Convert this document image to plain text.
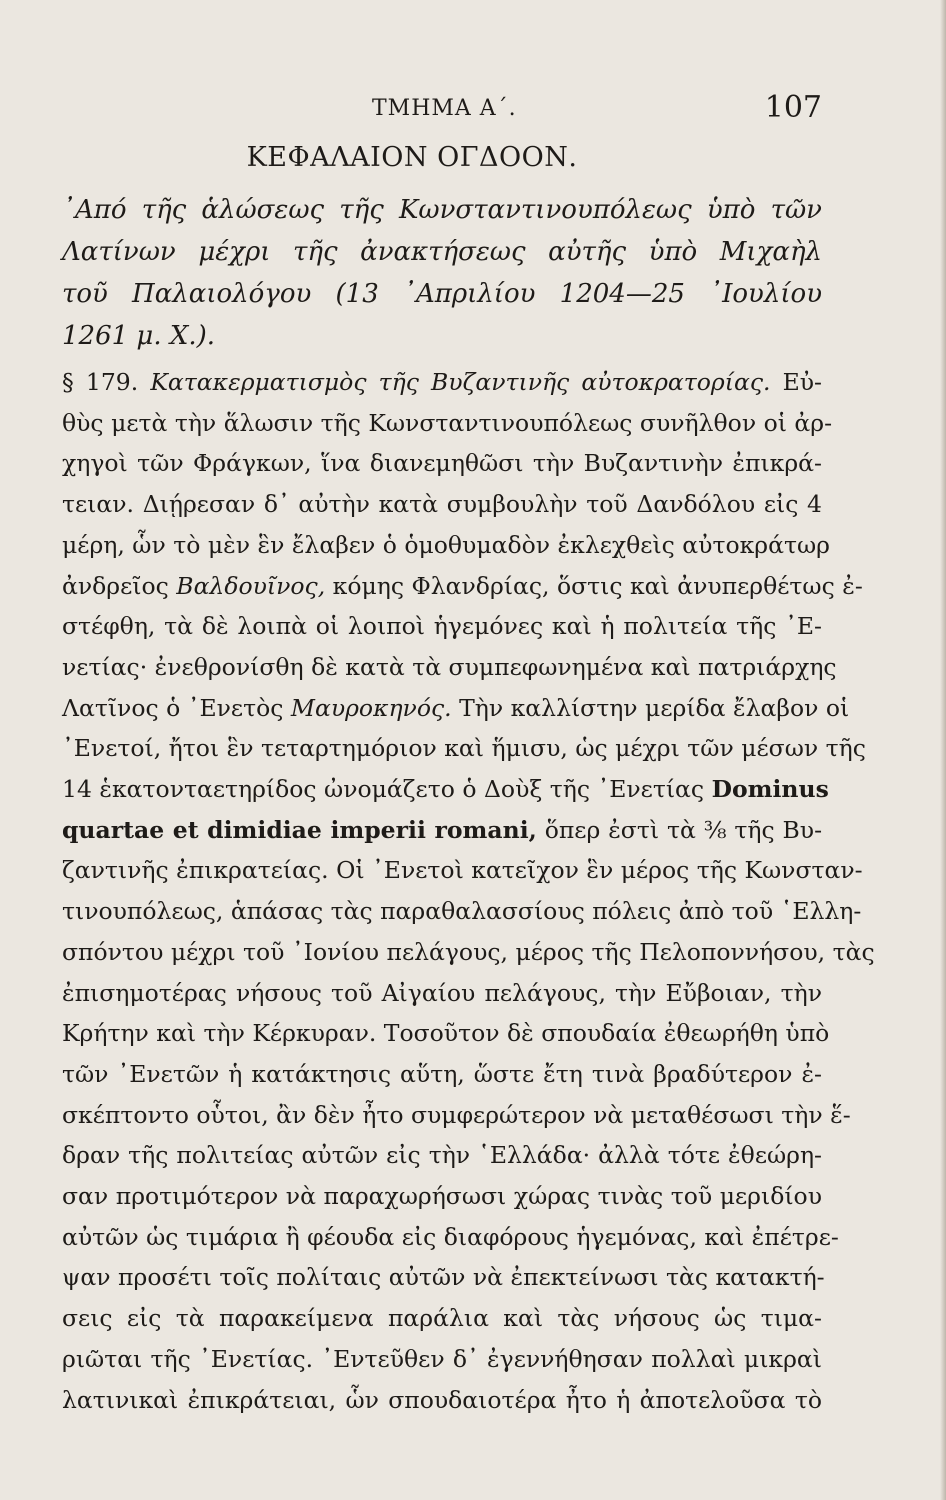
ΤΜΗΜΑ Α΄.	107
ΚΕΦΑΛΑΙΟΝ ΟΓΔΟΟΝ.
᾿Από τῆς ἁλώσεως τῆς Κωνσταντινουπόλεως ὑπὸ τῶν
Λατίνων μέχρι τῆς ἀνακτήσεως αὐτῆς ὑπὸ Μιχαὴλ
τοῦ Παλαιολόγου (13 ᾿Απριλίου 1204—25 ᾿Ιουλίου
1261 μ. Χ.).
§ 179. Κατακερματισμὸς τῆς Βυζαντινῆς αὐτοκρατορίας. Εὐ-
θὺς μετὰ τὴν ἅλωσιν τῆς Κωνσταντινουπόλεως συνῆλθον οἱ ἀρ-
χηγοὶ τῶν Φράγκων, ἵνα διανεμηθῶσι τὴν Βυζαντινὴν ἐπικρά-
τειαν. Διῄρεσαν δ᾿ αὐτὴν κατὰ συμβουλὴν τοῦ Δανδόλου εἰς 4
μέρη, ὧν τὸ μὲν ἓν ἔλαβεν ὁ ὁμοθυμαδὸν ἐκλεχθεὶς αὐτοκράτωρ
ἀνδρεῖος Βαλδουῖνος, κόμης Φλανδρίας, ὅστις καὶ ἀνυπερθέτως ἐ-
στέφθη, τὰ δὲ λοιπὰ οἱ λοιποὶ ἡγεμόνες καὶ ἡ πολιτεία τῆς ᾿Ε-
νετίας· ἐνεθρονίσθη δὲ κατὰ τὰ συμπεφωνημένα καὶ πατριάρχης
Λατῖνος ὁ ᾿Ενετὸς Μαυροκηνός. Τὴν καλλίστην μερίδα ἔλαβον οἱ
᾿Ενετοί, ἤτοι ἓν τεταρτημόριον καὶ ἥμισυ, ὡς μέχρι τῶν μέσων τῆς
14 ἑκατονταετηρίδος ὠνομάζετο ὁ Δοὺξ τῆς ᾿Ενετίας Dominus
quartae et dimidiae imperii romani, ὅπερ ἐστὶ τὰ ⅜ τῆς Βυ-
ζαντινῆς ἐπικρατείας. Οἱ ᾿Ενετοὶ κατεῖχον ἓν μέρος τῆς Κωνσταν-
τινουπόλεως, ἁπάσας τὰς παραθαλασσίους πόλεις ἀπὸ τοῦ ῾Ελλη-
σπόντου μέχρι τοῦ ᾿Ιονίου πελάγους, μέρος τῆς Πελοποννήσου, τὰς
ἐπισημοτέρας νήσους τοῦ Αἰγαίου πελάγους, τὴν Εὔβοιαν, τὴν
Κρήτην καὶ τὴν Κέρκυραν. Τοσοῦτον δὲ σπουδαία ἐθεωρήθη ὑπὸ
τῶν ᾿Ενετῶν ἡ κατάκτησις αὕτη, ὥστε ἔτη τινὰ βραδύτερον ἐ-
σκέπτοντο οὗτοι, ἂν δὲν ἦτο συμφερώτερον νὰ μεταθέσωσι τὴν ἕ-
δραν τῆς πολιτείας αὐτῶν εἰς τὴν ῾Ελλάδα· ἀλλὰ τότε ἐθεώρη-
σαν προτιμότερον νὰ παραχωρήσωσι χώρας τινὰς τοῦ μεριδίου
αὐτῶν ὡς τιμάρια ἢ φέουδα εἰς διαφόρους ἡγεμόνας, καὶ ἐπέτρε-
ψαν προσέτι τοῖς πολίταις αὐτῶν νὰ ἐπεκτείνωσι τὰς κατακτή-
σεις εἰς τὰ παρακείμενα παράλια καὶ τὰς νήσους ὡς τιμα-
ριῶται τῆς ᾿Ενετίας. ᾿Εντεῦθεν δ᾿ ἐγεννήθησαν πολλαὶ μικραὶ
λατινικαὶ ἐπικράτειαι, ὧν σπουδαιοτέρα ἦτο ἡ ἀποτελοῦσα τὸ
